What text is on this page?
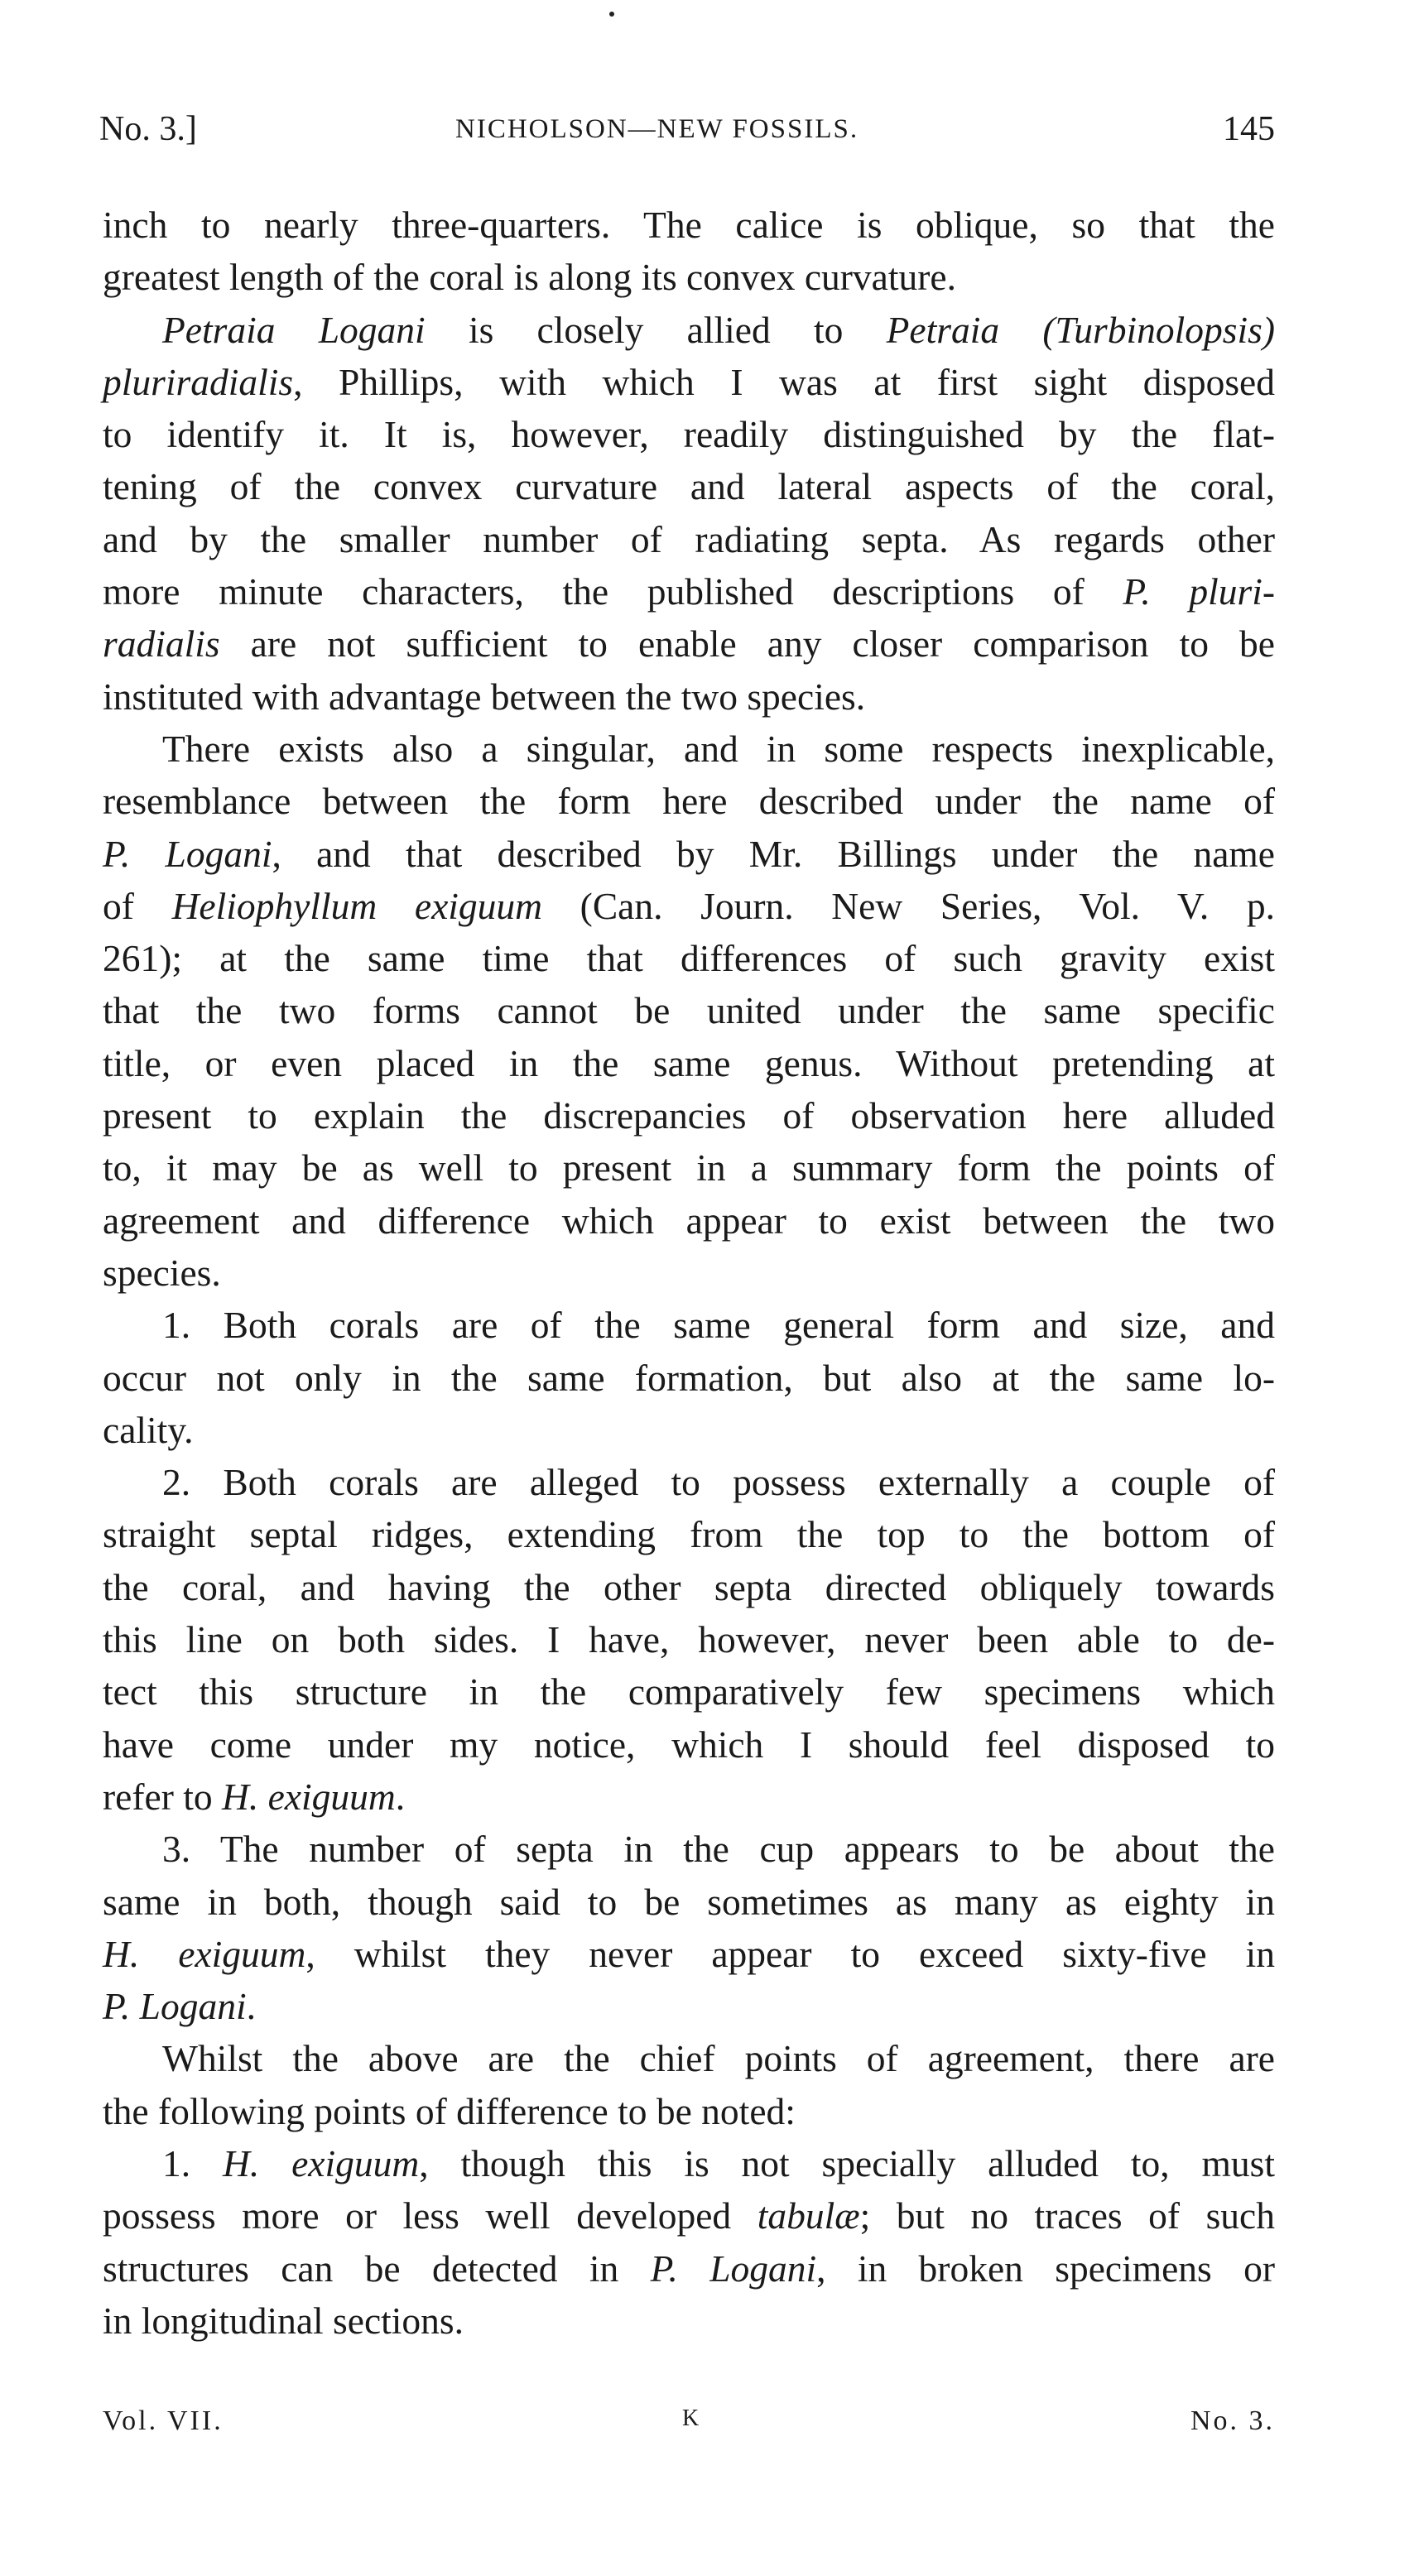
No. 3.]	NICHOLSON—NEW FOSSILS.	145
inch to nearly three-quarters. The calice is oblique, so that the
greatest length of the coral is along its convex curvature.
Petraia Logani is closely allied to Petraia (Turbinolopsis)
pluriradialis, Phillips, with which I was at first sight disposed
to identify it. It is, however, readily distinguished by the flat-
tening of the convex curvature and lateral aspects of the coral,
and by the smaller number of radiating septa. As regards other
more minute characters, the published descriptions of P. pluri-
radialis are not sufficient to enable any closer comparison to be
instituted with advantage between the two species.
There exists also a singular, and in some respects inexplicable,
resemblance between the form here described under the name of
P. Logani, and that described by Mr. Billings under the name
of Heliophyllum exiguum (Can. Journ. New Series, Vol. V. p.
261); at the same time that differences of such gravity exist
that the two forms cannot be united under the same specific
title, or even placed in the same genus. Without pretending at
present to explain the discrepancies of observation here alluded
to, it may be as well to present in a summary form the points of
agreement and difference which appear to exist between the two
species.
1. Both corals are of the same general form and size, and
occur not only in the same formation, but also at the same lo-
cality.
2. Both corals are alleged to possess externally a couple of
straight septal ridges, extending from the top to the bottom of
the coral, and having the other septa directed obliquely towards
this line on both sides. I have, however, never been able to de-
tect this structure in the comparatively few specimens which
have come under my notice, which I should feel disposed to
refer to H. exiguum.
3. The number of septa in the cup appears to be about the
same in both, though said to be sometimes as many as eighty in
H. exiguum, whilst they never appear to exceed sixty-five in
P. Logani.
Whilst the above are the chief points of agreement, there are
the following points of difference to be noted:
1. H. exiguum, though this is not specially alluded to, must
possess more or less well developed tabulæ; but no traces of such
structures can be detected in P. Logani, in broken specimens or
in longitudinal sections.
Vol. VII.	K	No. 3.
